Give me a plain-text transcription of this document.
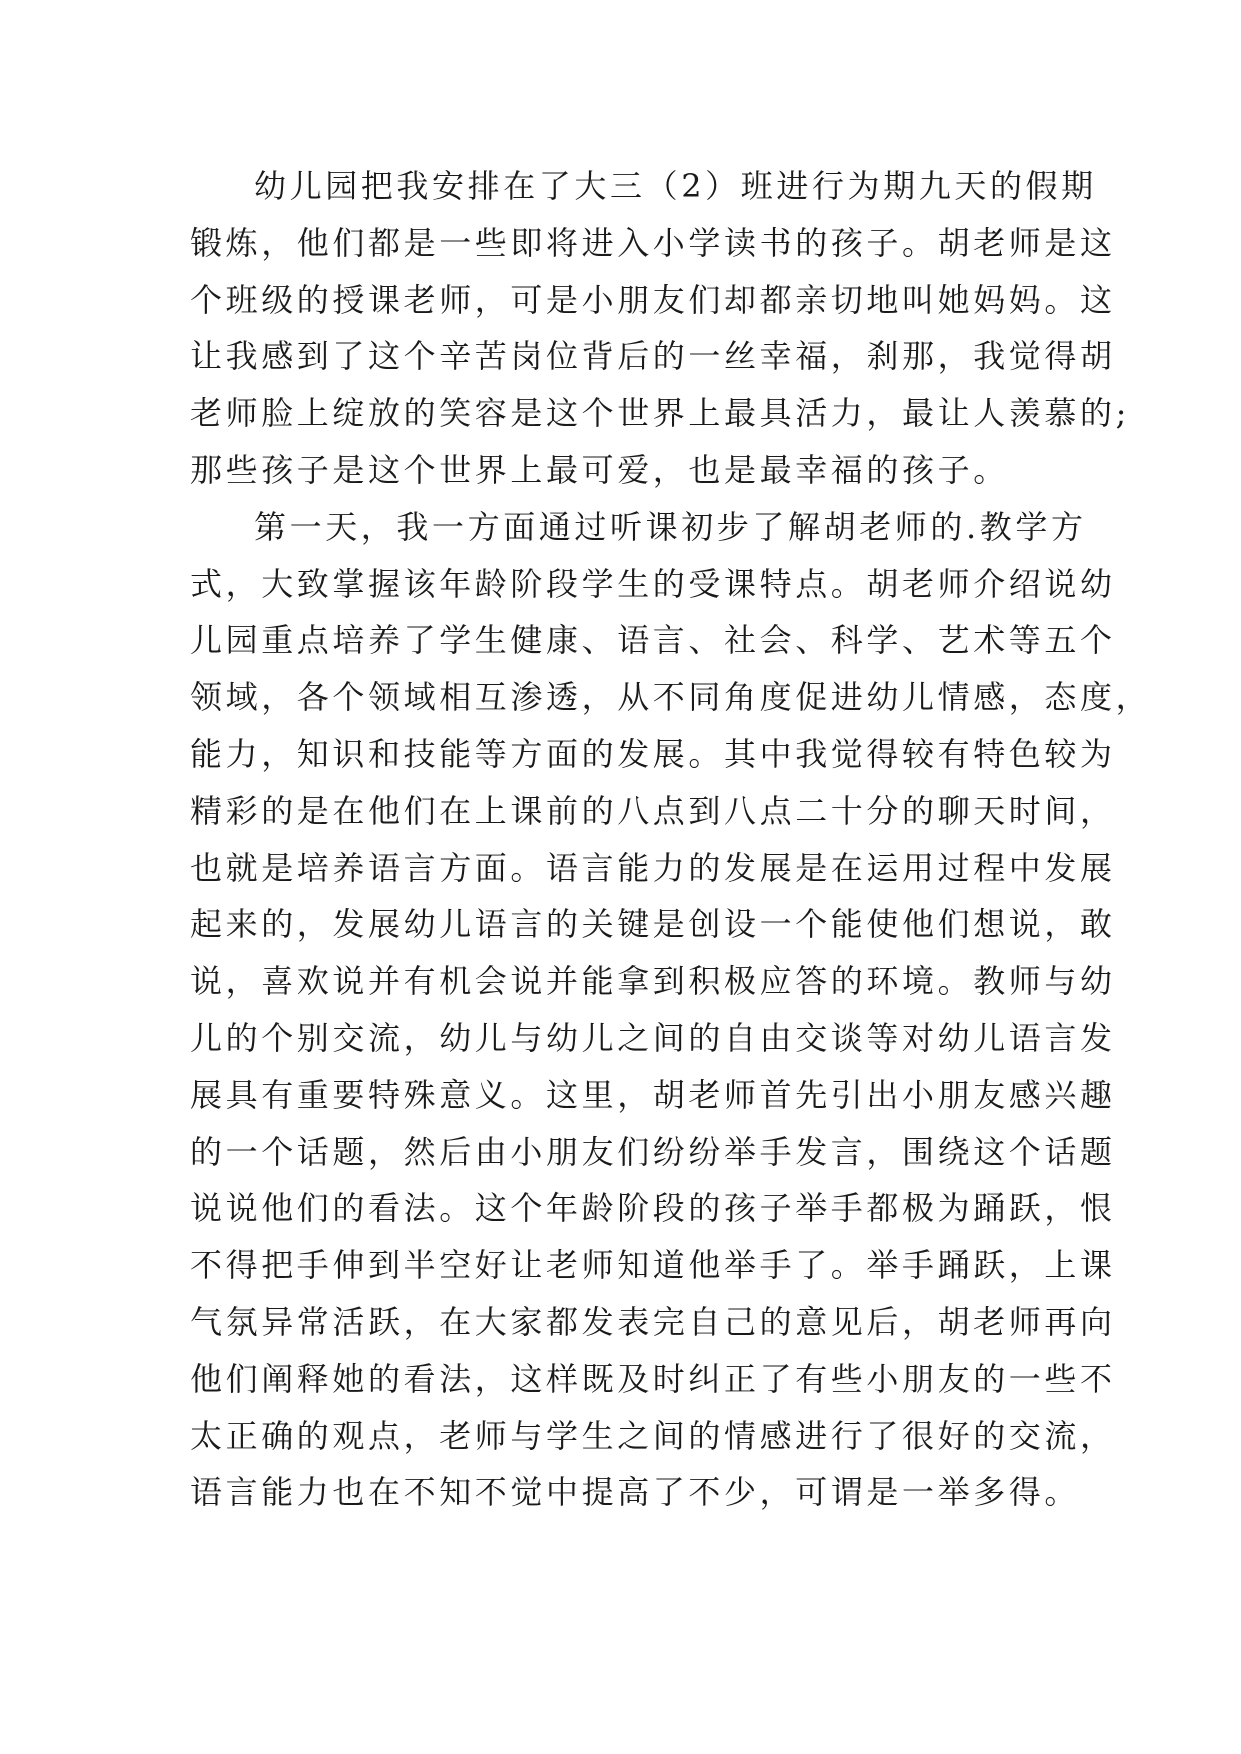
幼儿园把我安排在了大三（2）班进行为期九天的假期
锻炼，他们都是一些即将进入小学读书的孩子。胡老师是这
个班级的授课老师，可是小朋友们却都亲切地叫她妈妈。这
让我感到了这个辛苦岗位背后的一丝幸福，刹那，我觉得胡
老师脸上绽放的笑容是这个世界上最具活力，最让人羡慕的;
那些孩子是这个世界上最可爱，也是最幸福的孩子。
第一天，我一方面通过听课初步了解胡老师的.教学方
式，大致掌握该年龄阶段学生的受课特点。胡老师介绍说幼
儿园重点培养了学生健康、语言、社会、科学、艺术等五个
领域，各个领域相互渗透，从不同角度促进幼儿情感，态度，
能力，知识和技能等方面的发展。其中我觉得较有特色较为
精彩的是在他们在上课前的八点到八点二十分的聊天时间，
也就是培养语言方面。语言能力的发展是在运用过程中发展
起来的，发展幼儿语言的关键是创设一个能使他们想说，敢
说，喜欢说并有机会说并能拿到积极应答的环境。教师与幼
儿的个别交流，幼儿与幼儿之间的自由交谈等对幼儿语言发
展具有重要特殊意义。这里，胡老师首先引出小朋友感兴趣
的一个话题，然后由小朋友们纷纷举手发言，围绕这个话题
说说他们的看法。这个年龄阶段的孩子举手都极为踊跃，恨
不得把手伸到半空好让老师知道他举手了。举手踊跃，上课
气氛异常活跃，在大家都发表完自己的意见后，胡老师再向
他们阐释她的看法，这样既及时纠正了有些小朋友的一些不
太正确的观点，老师与学生之间的情感进行了很好的交流，
语言能力也在不知不觉中提高了不少，可谓是一举多得。
